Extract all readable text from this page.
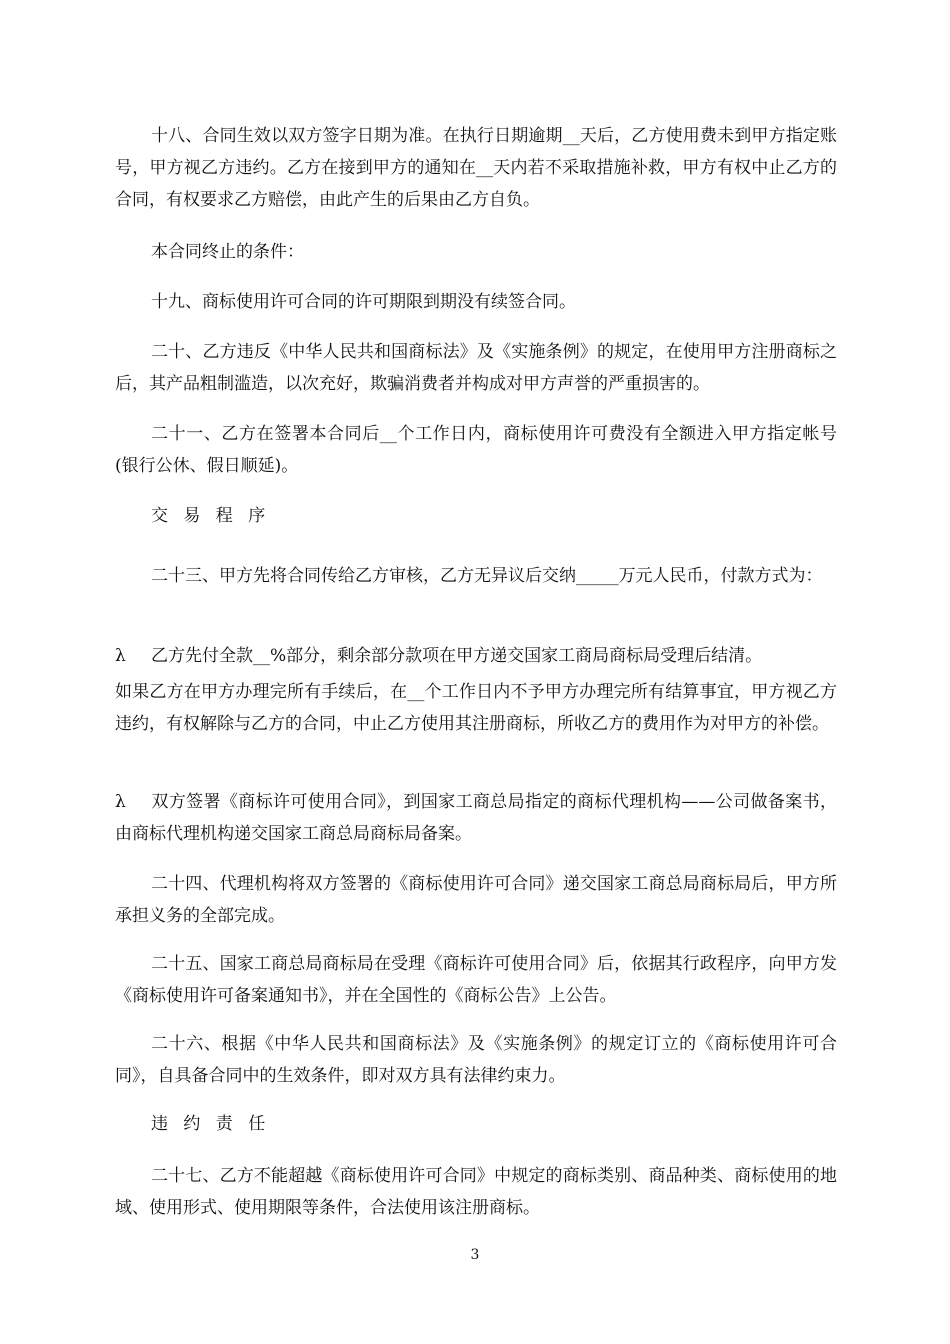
十八、合同生效以双方签字日期为准。在执行日期逾期__天后，乙方使用费未到甲方指定账号，甲方视乙方违约。乙方在接到甲方的通知在__天内若不采取措施补救，甲方有权中止乙方的合同，有权要求乙方赔偿，由此产生的后果由乙方自负。

本合同终止的条件：

十九、商标使用许可合同的许可期限到期没有续签合同。

二十、乙方违反《中华人民共和国商标法》及《实施条例》的规定，在使用甲方注册商标之后，其产品粗制滥造，以次充好，欺骗消费者并构成对甲方声誉的严重损害的。

二十一、乙方在签署本合同后__个工作日内，商标使用许可费没有全额进入甲方指定帐号(银行公休、假日顺延)。

交 易 程 序

二十三、甲方先将合同传给乙方审核，乙方无异议后交纳_____万元人民币，付款方式为：

λ 乙方先付全款__%部分，剩余部分款项在甲方递交国家工商局商标局受理后结清。

如果乙方在甲方办理完所有手续后，在__个工作日内不予甲方办理完所有结算事宜，甲方视乙方违约，有权解除与乙方的合同，中止乙方使用其注册商标，所收乙方的费用作为对甲方的补偿。

λ 双方签署《商标许可使用合同》，到国家工商总局指定的商标代理机构——公司做备案书，由商标代理机构递交国家工商总局商标局备案。

二十四、代理机构将双方签署的《商标使用许可合同》递交国家工商总局商标局后，甲方所承担义务的全部完成。

二十五、国家工商总局商标局在受理《商标许可使用合同》后，依据其行政程序，向甲方发《商标使用许可备案通知书》，并在全国性的《商标公告》上公告。

二十六、根据《中华人民共和国商标法》及《实施条例》的规定订立的《商标使用许可合同》，自具备合同中的生效条件，即对双方具有法律约束力。

违 约 责 任

二十七、乙方不能超越《商标使用许可合同》中规定的商标类别、商品种类、商标使用的地域、使用形式、使用期限等条件，合法使用该注册商标。

3
